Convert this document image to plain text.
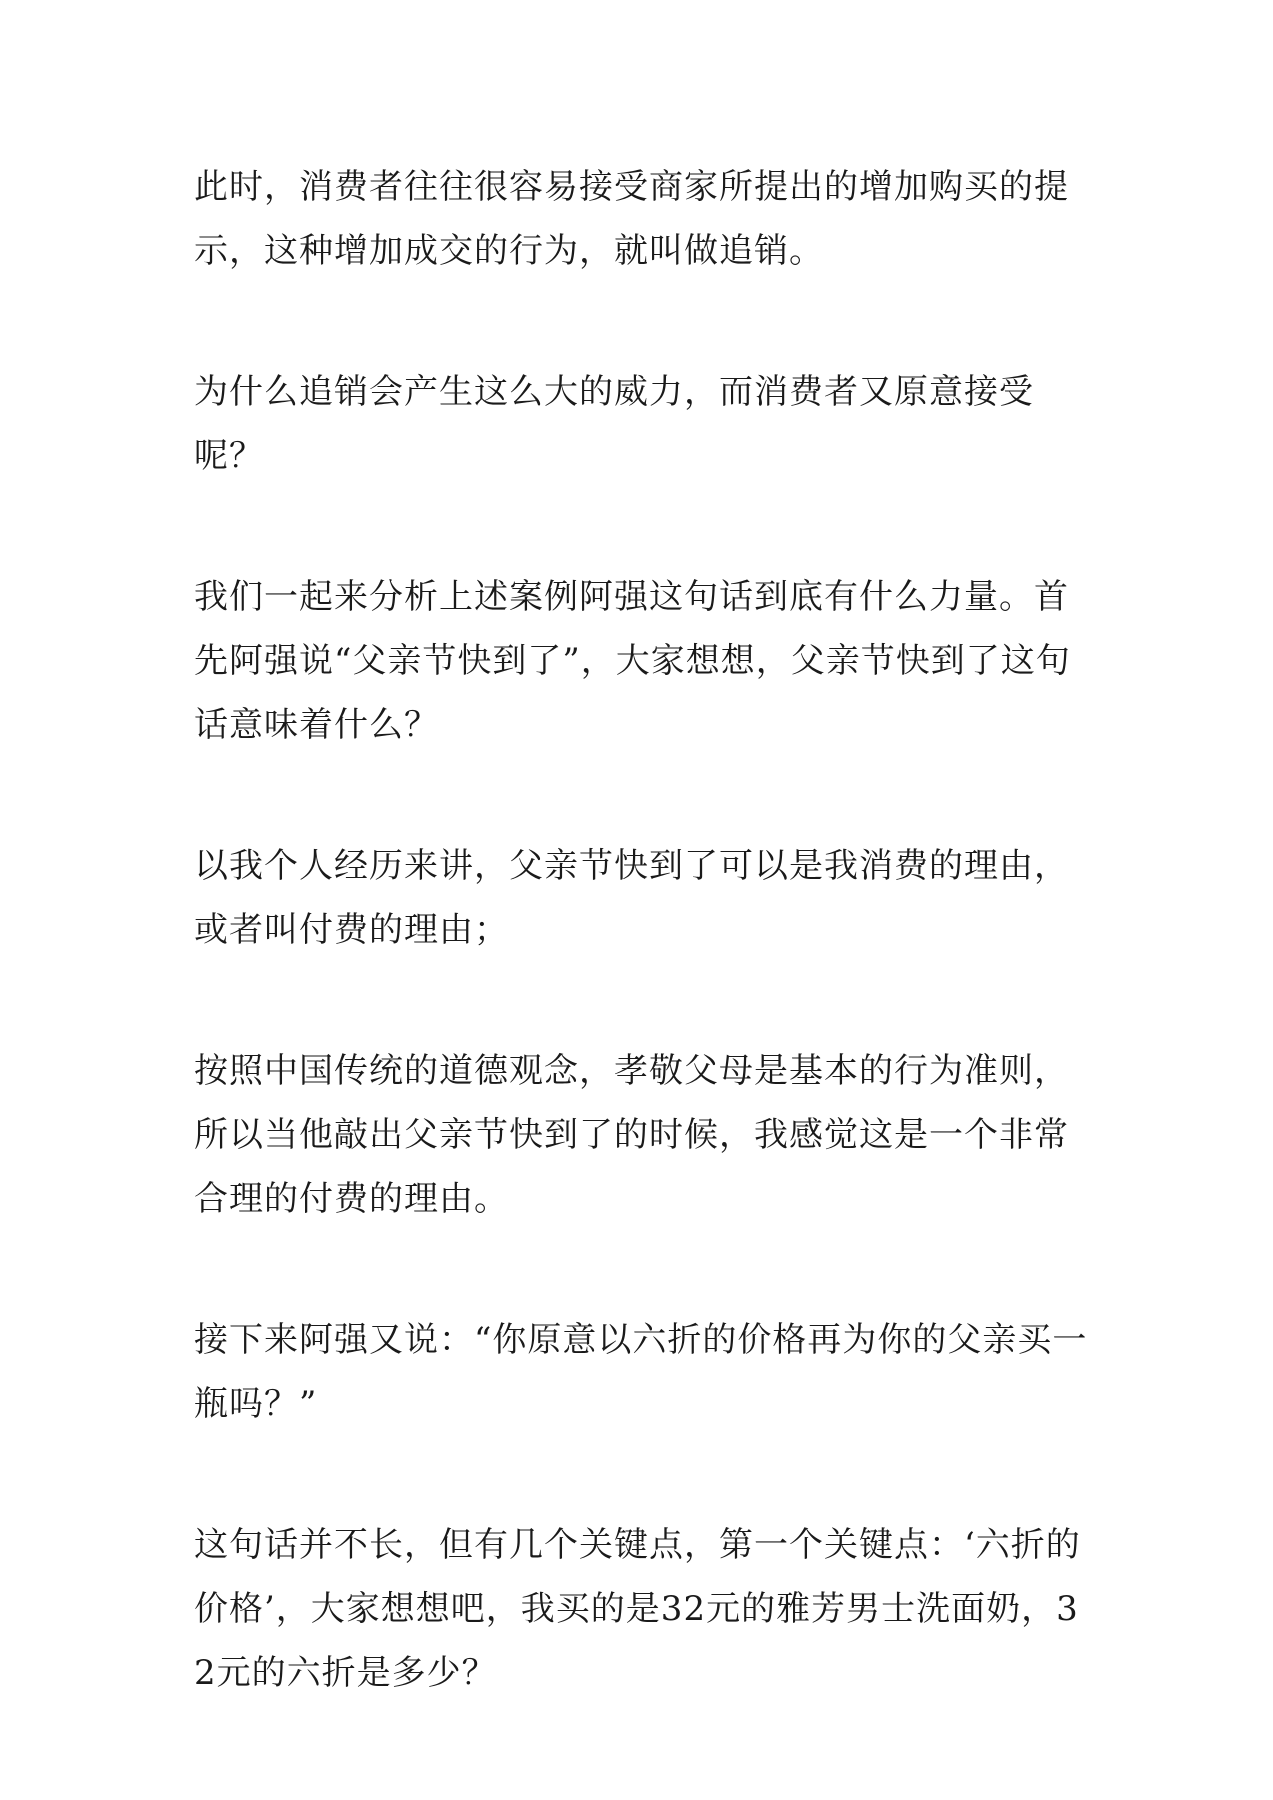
此时，消费者往往很容易接受商家所提出的增加购买的提示，这种增加成交的行为，就叫做追销。

为什么追销会产生这么大的威力，而消费者又原意接受呢？

我们一起来分析上述案例阿强这句话到底有什么力量。首先阿强说“父亲节快到了”，大家想想，父亲节快到了这句话意味着什么？

以我个人经历来讲，父亲节快到了可以是我消费的理由，或者叫付费的理由；

按照中国传统的道德观念，孝敬父母是基本的行为准则，所以当他敲出父亲节快到了的时候，我感觉这是一个非常合理的付费的理由。

接下来阿强又说：“你原意以六折的价格再为你的父亲买一瓶吗？”

这句话并不长，但有几个关键点，第一个关键点：‘六折的价格’，大家想想吧，我买的是32元的雅芳男士洗面奶，32元的六折是多少？
